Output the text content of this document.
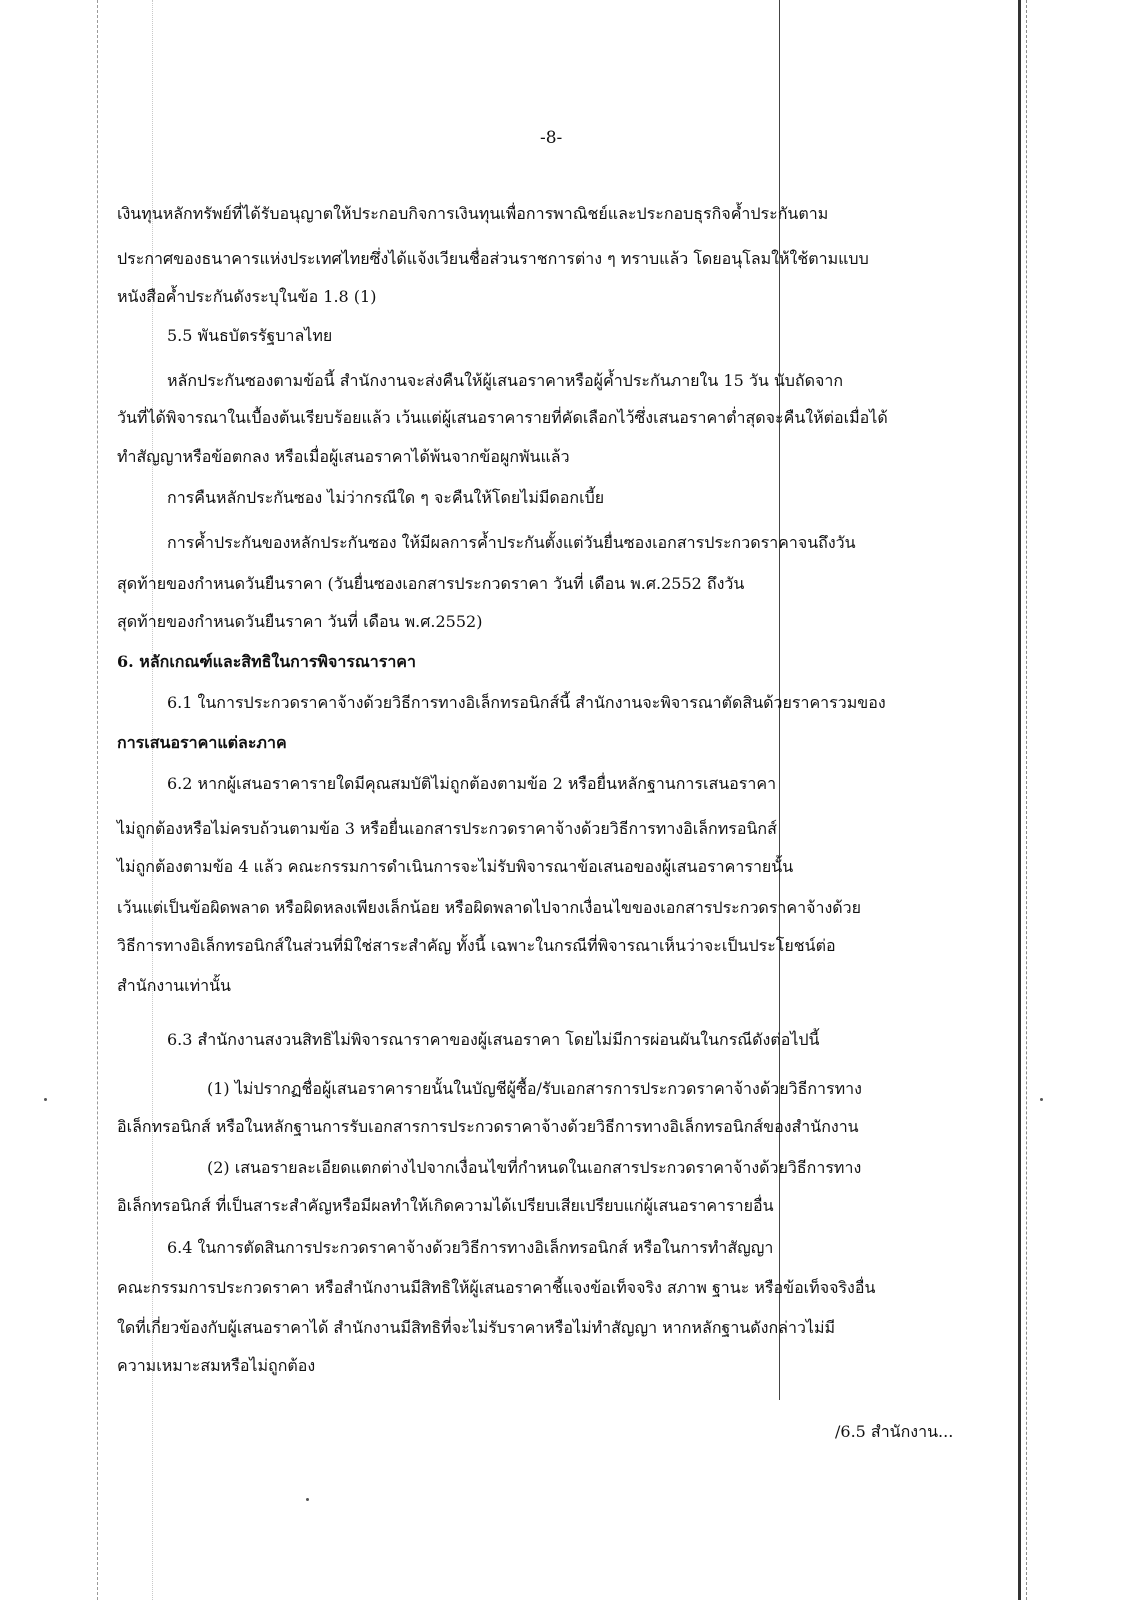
-8-
เงินทุนหลักทรัพย์ที่ได้รับอนุญาตให้ประกอบกิจการเงินทุนเพื่อการพาณิชย์และประกอบธุรกิจค้ำประกันตาม
ประกาศของธนาคารแห่งประเทศไทยซึ่งได้แจ้งเวียนชื่อส่วนราชการต่าง ๆ ทราบแล้ว โดยอนุโลมให้ใช้ตามแบบ
หนังสือค้ำประกันดังระบุในข้อ 1.8 (1)
5.5 พันธบัตรรัฐบาลไทย
หลักประกันซองตามข้อนี้ สำนักงานจะส่งคืนให้ผู้เสนอราคาหรือผู้ค้ำประกันภายใน 15 วัน นับถัดจาก
วันที่ได้พิจารณาในเบื้องต้นเรียบร้อยแล้ว เว้นแต่ผู้เสนอราคารายที่คัดเลือกไว้ซึ่งเสนอราคาต่ำสุดจะคืนให้ต่อเมื่อได้
ทำสัญญาหรือข้อตกลง หรือเมื่อผู้เสนอราคาได้พ้นจากข้อผูกพันแล้ว
การคืนหลักประกันซอง ไม่ว่ากรณีใด ๆ จะคืนให้โดยไม่มีดอกเบี้ย
การค้ำประกันของหลักประกันซอง ให้มีผลการค้ำประกันตั้งแต่วันยื่นซองเอกสารประกวดราคาจนถึงวัน
สุดท้ายของกำหนดวันยืนราคา (วันยื่นซองเอกสารประกวดราคา วันที่ เดือน พ.ศ.2552 ถึงวัน
สุดท้ายของกำหนดวันยืนราคา วันที่ เดือน พ.ศ.2552)
6. หลักเกณฑ์และสิทธิในการพิจารณาราคา
6.1 ในการประกวดราคาจ้างด้วยวิธีการทางอิเล็กทรอนิกส์นี้ สำนักงานจะพิจารณาตัดสินด้วยราคารวมของ
การเสนอราคาแต่ละภาค
6.2 หากผู้เสนอราคารายใดมีคุณสมบัติไม่ถูกต้องตามข้อ 2 หรือยื่นหลักฐานการเสนอราคา
ไม่ถูกต้องหรือไม่ครบถ้วนตามข้อ 3 หรือยื่นเอกสารประกวดราคาจ้างด้วยวิธีการทางอิเล็กทรอนิกส์
ไม่ถูกต้องตามข้อ 4 แล้ว คณะกรรมการดำเนินการจะไม่รับพิจารณาข้อเสนอของผู้เสนอราคารายนั้น
เว้นแต่เป็นข้อผิดพลาด หรือผิดหลงเพียงเล็กน้อย หรือผิดพลาดไปจากเงื่อนไขของเอกสารประกวดราคาจ้างด้วย
วิธีการทางอิเล็กทรอนิกส์ในส่วนที่มิใช่สาระสำคัญ ทั้งนี้ เฉพาะในกรณีที่พิจารณาเห็นว่าจะเป็นประโยชน์ต่อ
สำนักงานเท่านั้น
6.3 สำนักงานสงวนสิทธิไม่พิจารณาราคาของผู้เสนอราคา โดยไม่มีการผ่อนผันในกรณีดังต่อไปนี้
(1) ไม่ปรากฏชื่อผู้เสนอราคารายนั้นในบัญชีผู้ซื้อ/รับเอกสารการประกวดราคาจ้างด้วยวิธีการทาง
อิเล็กทรอนิกส์ หรือในหลักฐานการรับเอกสารการประกวดราคาจ้างด้วยวิธีการทางอิเล็กทรอนิกส์ของสำนักงาน
(2) เสนอรายละเอียดแตกต่างไปจากเงื่อนไขที่กำหนดในเอกสารประกวดราคาจ้างด้วยวิธีการทาง
อิเล็กทรอนิกส์ ที่เป็นสาระสำคัญหรือมีผลทำให้เกิดความได้เปรียบเสียเปรียบแก่ผู้เสนอราคารายอื่น
6.4 ในการตัดสินการประกวดราคาจ้างด้วยวิธีการทางอิเล็กทรอนิกส์ หรือในการทำสัญญา
คณะกรรมการประกวดราคา หรือสำนักงานมีสิทธิให้ผู้เสนอราคาชี้แจงข้อเท็จจริง สภาพ ฐานะ หรือข้อเท็จจริงอื่น
ใดที่เกี่ยวข้องกับผู้เสนอราคาได้ สำนักงานมีสิทธิที่จะไม่รับราคาหรือไม่ทำสัญญา หากหลักฐานดังกล่าวไม่มี
ความเหมาะสมหรือไม่ถูกต้อง
/6.5 สำนักงาน...
